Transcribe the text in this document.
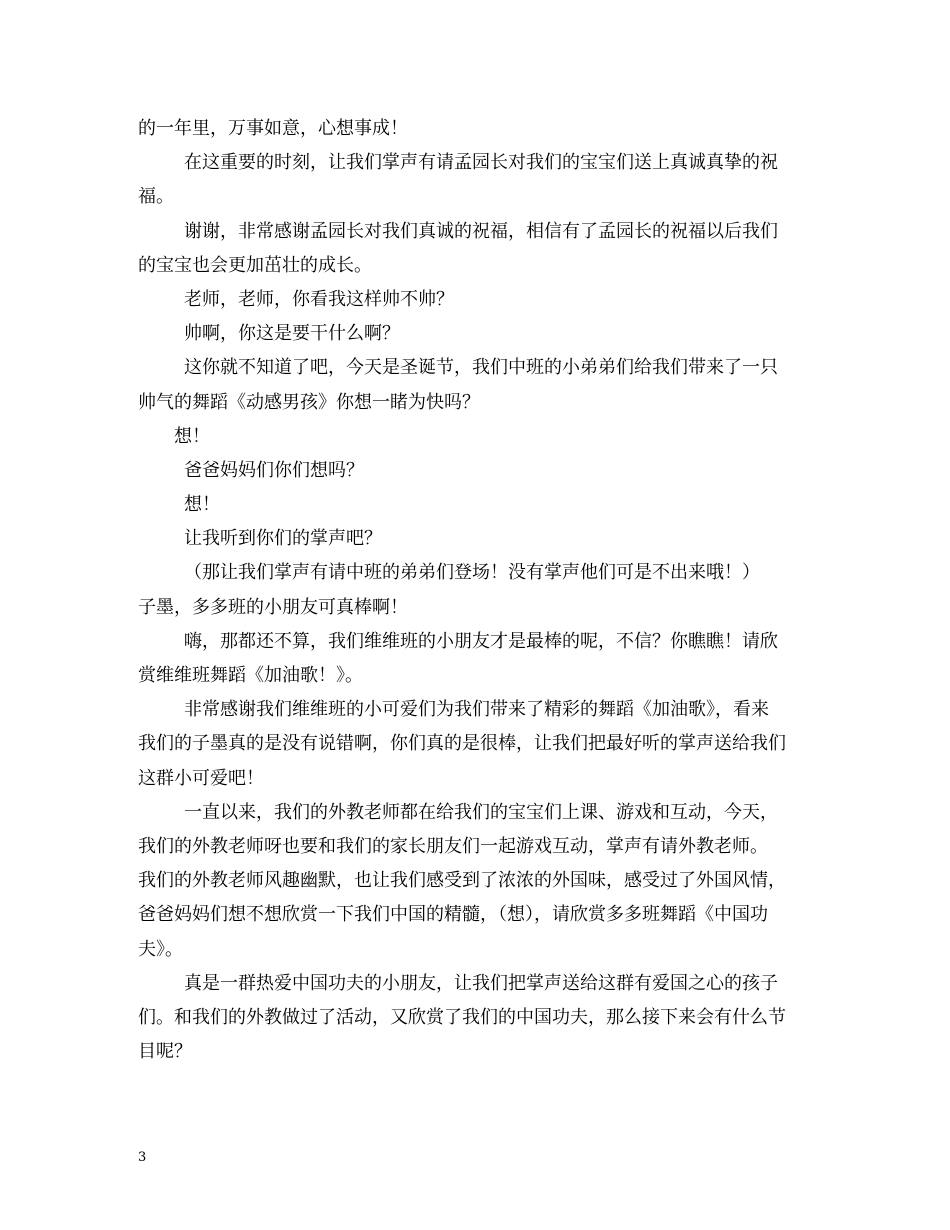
的一年里，万事如意，心想事成！
在这重要的时刻，让我们掌声有请孟园长对我们的宝宝们送上真诚真挚的祝
福。
谢谢，非常感谢孟园长对我们真诚的祝福，相信有了孟园长的祝福以后我们
的宝宝也会更加茁壮的成长。
老师，老师，你看我这样帅不帅？
帅啊，你这是要干什么啊？
这你就不知道了吧，今天是圣诞节，我们中班的小弟弟们给我们带来了一只
帅气的舞蹈《动感男孩》你想一睹为快吗？
想！
爸爸妈妈们你们想吗？
想！
让我听到你们的掌声吧？
（那让我们掌声有请中班的弟弟们登场！没有掌声他们可是不出来哦！）
子墨，多多班的小朋友可真棒啊！
嗨，那都还不算，我们维维班的小朋友才是最棒的呢，不信？你瞧瞧！请欣
赏维维班舞蹈《加油歌！》。
非常感谢我们维维班的小可爱们为我们带来了精彩的舞蹈《加油歌》，看来
我们的子墨真的是没有说错啊，你们真的是很棒，让我们把最好听的掌声送给我们
这群小可爱吧！
一直以来，我们的外教老师都在给我们的宝宝们上课、游戏和互动，今天，
我们的外教老师呀也要和我们的家长朋友们一起游戏互动，掌声有请外教老师。
我们的外教老师风趣幽默，也让我们感受到了浓浓的外国味，感受过了外国风情，
爸爸妈妈们想不想欣赏一下我们中国的精髓，（想），请欣赏多多班舞蹈《中国功
夫》。
真是一群热爱中国功夫的小朋友，让我们把掌声送给这群有爱国之心的孩子
们。和我们的外教做过了活动，又欣赏了我们的中国功夫，那么接下来会有什么节
目呢？
3
